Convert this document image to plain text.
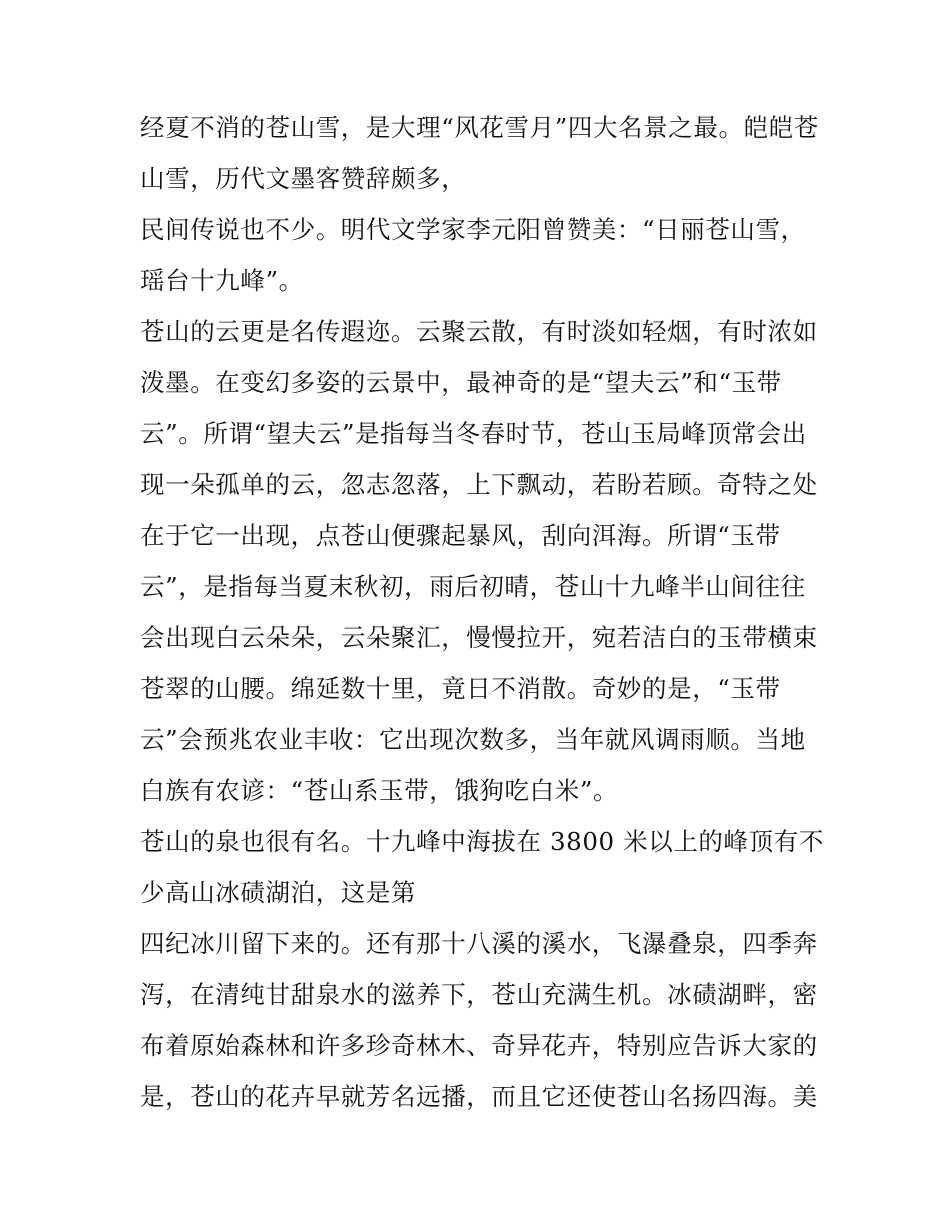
经夏不消的苍山雪，是大理“风花雪月”四大名景之最。皑皑苍
山雪，历代文墨客赞辞颇多，
民间传说也不少。明代文学家李元阳曾赞美：“日丽苍山雪，
瑶台十九峰”。
苍山的云更是名传遐迩。云聚云散，有时淡如轻烟，有时浓如
泼墨。在变幻多姿的云景中，最神奇的是“望夫云”和“玉带
云”。所谓“望夫云”是指每当冬春时节，苍山玉局峰顶常会出
现一朵孤单的云，忽志忽落，上下飘动，若盼若顾。奇特之处
在于它一出现，点苍山便骤起暴风，刮向洱海。所谓“玉带
云”，是指每当夏末秋初，雨后初晴，苍山十九峰半山间往往
会出现白云朵朵，云朵聚汇，慢慢拉开，宛若洁白的玉带横束
苍翠的山腰。绵延数十里，竟日不消散。奇妙的是，“玉带
云”会预兆农业丰收：它出现次数多，当年就风调雨顺。当地
白族有农谚：“苍山系玉带，饿狗吃白米”。
苍山的泉也很有名。十九峰中海拔在 3800 米以上的峰顶有不
少高山冰碛湖泊，这是第
四纪冰川留下来的。还有那十八溪的溪水，飞瀑叠泉，四季奔
泻，在清纯甘甜泉水的滋养下，苍山充满生机。冰碛湖畔，密
布着原始森林和许多珍奇林木、奇异花卉，特别应告诉大家的
是，苍山的花卉早就芳名远播，而且它还使苍山名扬四海。美
